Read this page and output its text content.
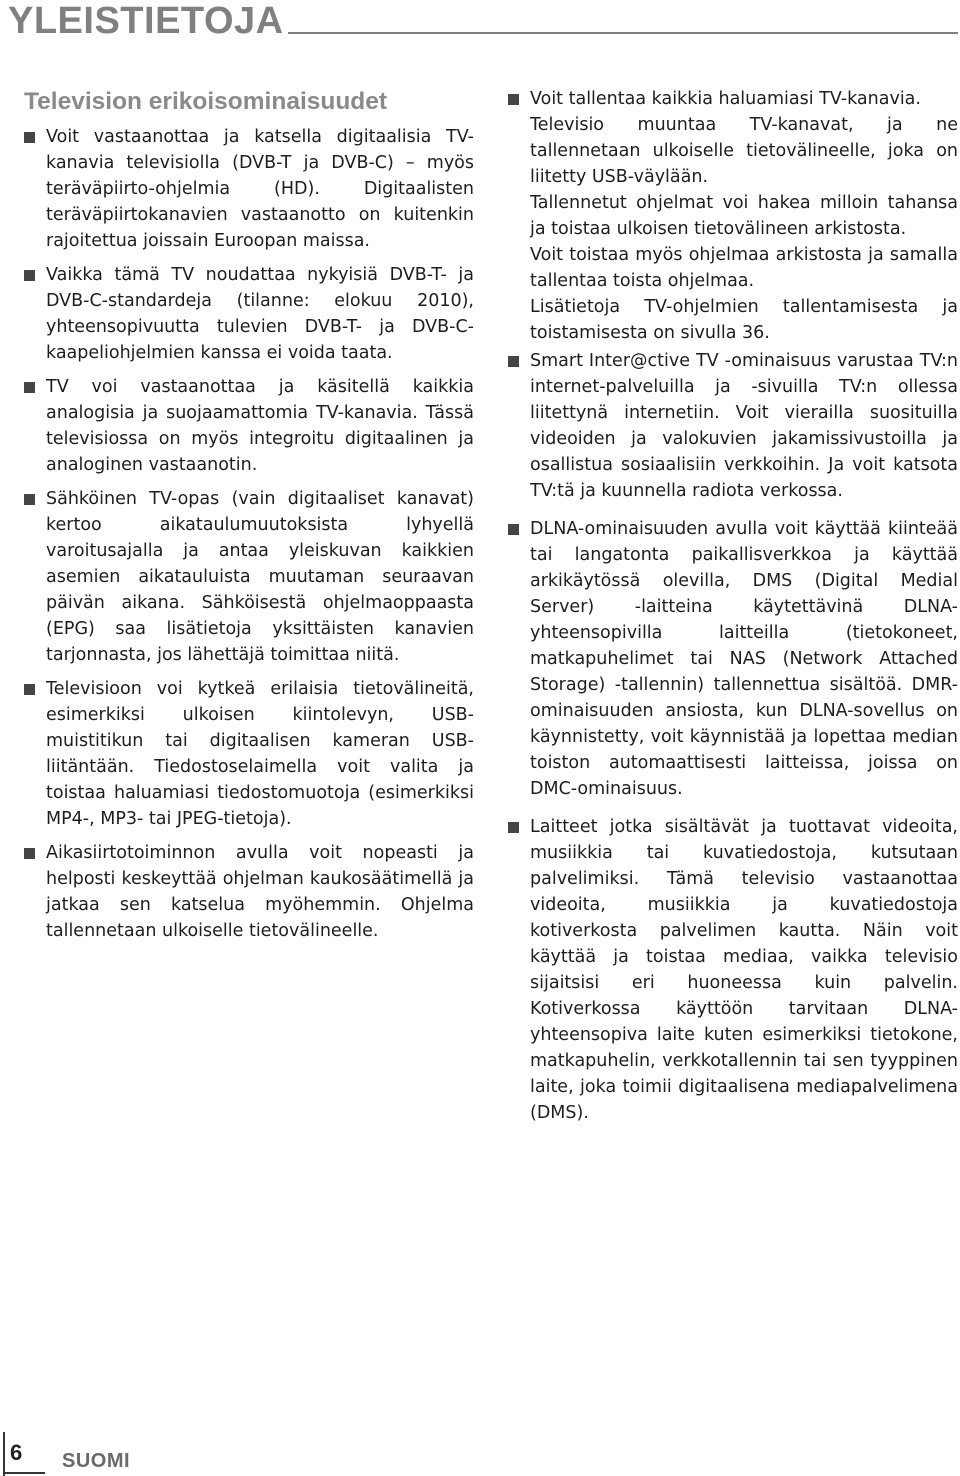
YLEISTIETOJA
Television erikoisominaisuudet

Voit vastaanottaa ja katsella digitaalisia TV-kanavia televisiolla (DVB-T ja DVB-C) – myös teräväpiirto-ohjelmia (HD). Digitaalisten teräväpiirtokanavien vastaanotto on kuitenkin rajoitettua joissain Euroopan maissa.

Vaikka tämä TV noudattaa nykyisiä DVB-T- ja DVB-C-standardeja (tilanne: elokuu 2010), yhteensopivuutta tulevien DVB-T- ja DVB-C-kaapeliohjelmien kanssa ei voida taata.

TV voi vastaanottaa ja käsitellä kaikkia analogisia ja suojaamattomia TV-kanavia. Tässä televisiossa on myös integroitu digitaalinen ja analoginen vastaanotin.

Sähköinen TV-opas (vain digitaaliset kanavat) kertoo aikataulumuutoksista lyhyellä varoitusajalla ja antaa yleiskuvan kaikkien asemien aikatauluista muutaman seuraavan päivän aikana. Sähköisestä ohjelmaoppaasta (EPG) saa lisätietoja yksittäisten kanavien tarjonnasta, jos lähettäjä toimittaa niitä.

Televisioon voi kytkeä erilaisia tietovälineitä, esimerkiksi ulkoisen kiintolevyn, USB-muistitikun tai digitaalisen kameran USB-liitäntään. Tiedostoselaimella voit valita ja toistaa haluamiasi tiedostomuotoja (esimerkiksi MP4-, MP3- tai JPEG-tietoja).

Aikasiirtotoiminnon avulla voit nopeasti ja helposti keskeyttää ohjelman kaukosäätimellä ja jatkaa sen katselua myöhemmin. Ohjelma tallennetaan ulkoiselle tietovälineelle.

Voit tallentaa kaikkia haluamiasi TV-kanavia.

Televisio muuntaa TV-kanavat, ja ne tallennetaan ulkoiselle tietovälineelle, joka on liitetty USB-väylään.

Tallennetut ohjelmat voi hakea milloin tahansa ja toistaa ulkoisen tietovälineen arkistosta.

Voit toistaa myös ohjelmaa arkistosta ja samalla tallentaa toista ohjelmaa.

Lisätietoja TV-ohjelmien tallentamisesta ja toistamisesta on sivulla 36.

Smart Inter@ctive TV -ominaisuus varustaa TV:n internet-palveluilla ja -sivuilla TV:n ollessa liitettynä internetiin. Voit vierailla suosituilla videoiden ja valokuvien jakamissivustoilla ja osallistua sosiaalisiin verkkoihin. Ja voit katsota TV:tä ja kuunnella radiota verkossa.

DLNA-ominaisuuden avulla voit käyttää kiinteää tai langatonta paikallisverkkoa ja käyttää arkikäytössä olevilla, DMS (Digital Medial Server) -laitteina käytettävinä DLNA-yhteensopivilla laitteilla (tietokoneet, matkapuhelimet tai NAS (Network Attached Storage) -tallennin) tallennettua sisältöä. DMR-ominaisuuden ansiosta, kun DLNA-sovellus on käynnistetty, voit käynnistää ja lopettaa median toiston automaattisesti laitteissa, joissa on DMC-ominaisuus.

Laitteet jotka sisältävät ja tuottavat videoita, musiikkia tai kuvatiedostoja, kutsutaan palvelimiksi. Tämä televisio vastaanottaa videoita, musiikkia ja kuvatiedostoja kotiverkosta palvelimen kautta. Näin voit käyttää ja toistaa mediaa, vaikka televisio sijaitsisi eri huoneessa kuin palvelin. Kotiverkossa käyttöön tarvitaan DLNA-yhteensopiva laite kuten esimerkiksi tietokone, matkapuhelin, verkkotallennin tai sen tyyppinen laite, joka toimii digitaalisena mediapalvelimena (DMS).

6 SUOMI
